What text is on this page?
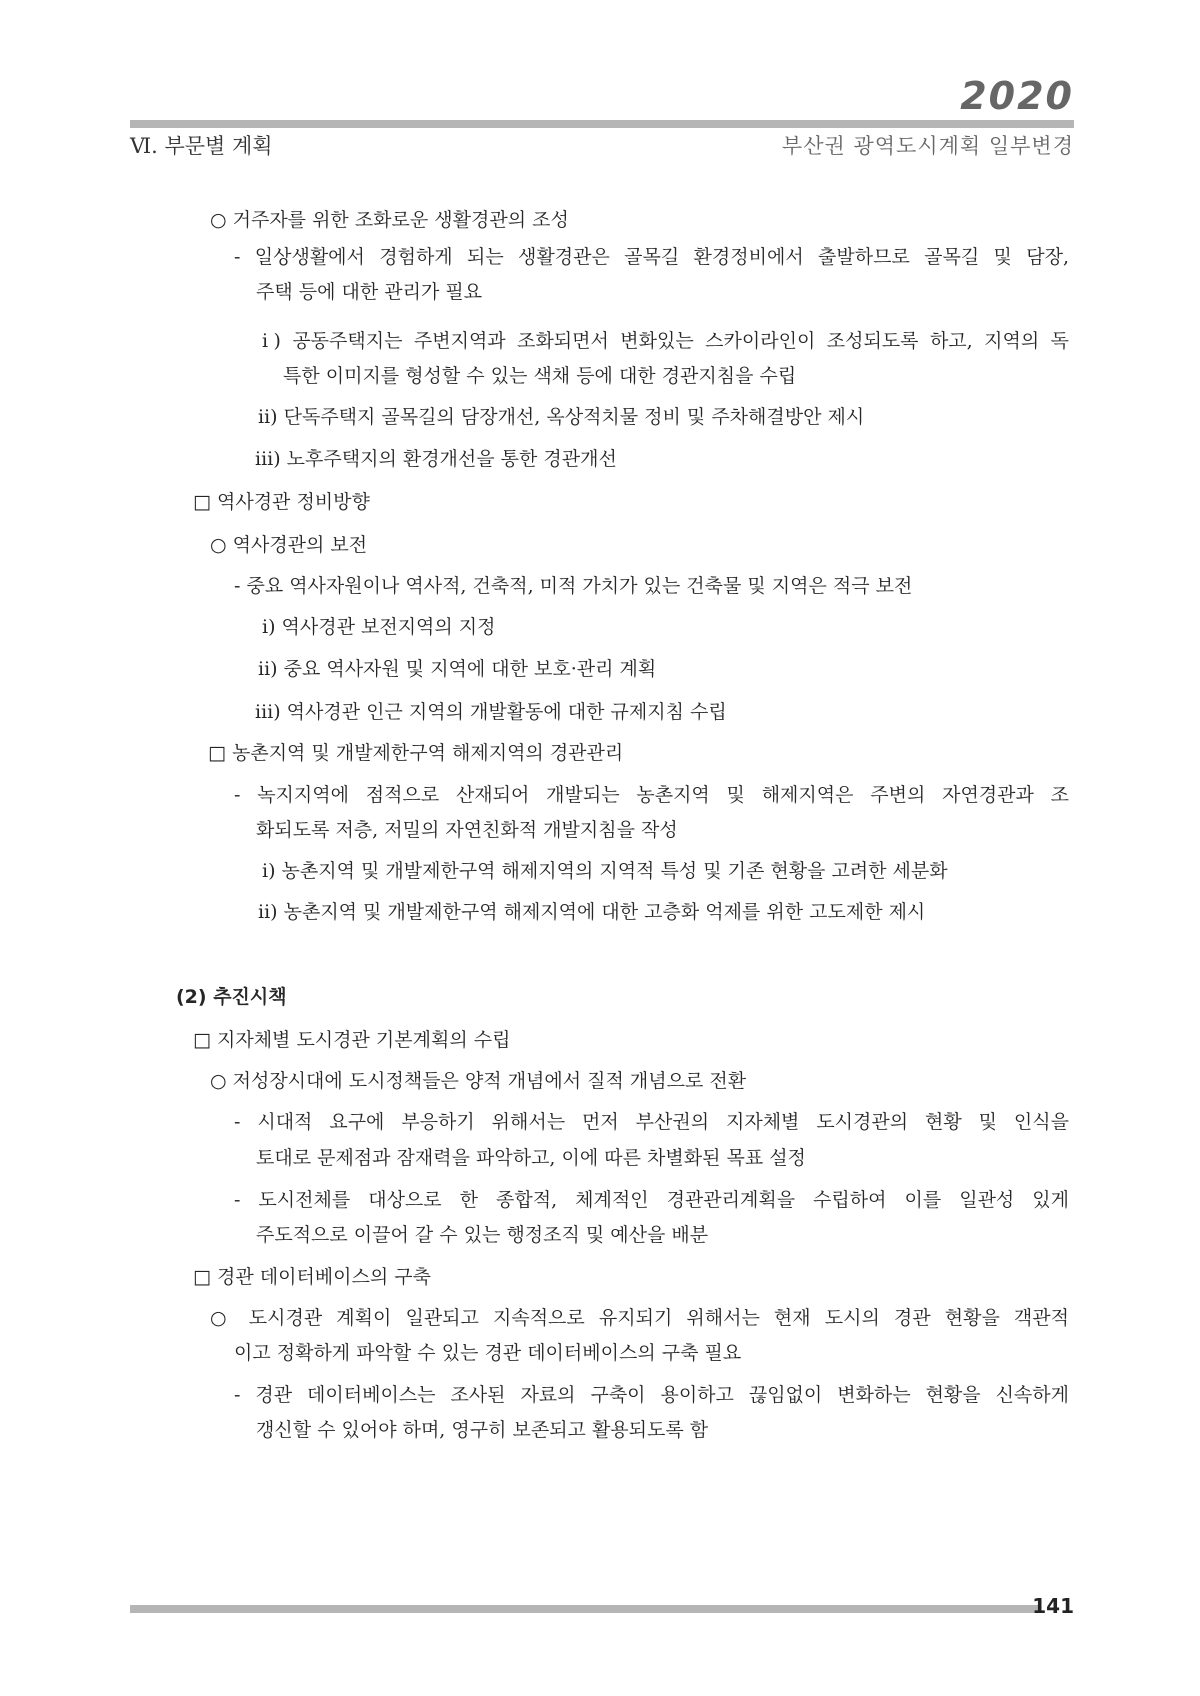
2020
Ⅵ. 부문별 계획	부산권 광역도시계획 일부변경
○ 거주자를 위한 조화로운 생활경관의 조성
- 일상생활에서 경험하게 되는 생활경관은 골목길 환경정비에서 출발하므로 골목길 및 담장,
주택 등에 대한 관리가 필요
ⅰ) 공동주택지는 주변지역과 조화되면서 변화있는 스카이라인이 조성되도록 하고, 지역의 독
특한 이미지를 형성할 수 있는 색채 등에 대한 경관지침을 수립
ⅱ) 단독주택지 골목길의 담장개선, 옥상적치물 정비 및 주차해결방안 제시
ⅲ) 노후주택지의 환경개선을 통한 경관개선
□ 역사경관 정비방향
○ 역사경관의 보전
- 중요 역사자원이나 역사적, 건축적, 미적 가치가 있는 건축물 및 지역은 적극 보전
ⅰ) 역사경관 보전지역의 지정
ⅱ) 중요 역사자원 및 지역에 대한 보호·관리 계획
ⅲ) 역사경관 인근 지역의 개발활동에 대한 규제지침 수립
□ 농촌지역 및 개발제한구역 해제지역의 경관관리
- 녹지지역에 점적으로 산재되어 개발되는 농촌지역 및 해제지역은 주변의 자연경관과 조
화되도록 저층, 저밀의 자연친화적 개발지침을 작성
ⅰ) 농촌지역 및 개발제한구역 해제지역의 지역적 특성 및 기존 현황을 고려한 세분화
ⅱ) 농촌지역 및 개발제한구역 해제지역에 대한 고층화 억제를 위한 고도제한 제시
(2) 추진시책
□ 지자체별 도시경관 기본계획의 수립
○ 저성장시대에 도시정책들은 양적 개념에서 질적 개념으로 전환
- 시대적 요구에 부응하기 위해서는 먼저 부산권의 지자체별 도시경관의 현황 및 인식을
토대로 문제점과 잠재력을 파악하고, 이에 따른 차별화된 목표 설정
- 도시전체를 대상으로 한 종합적, 체계적인 경관관리계획을 수립하여 이를 일관성 있게
주도적으로 이끌어 갈 수 있는 행정조직 및 예산을 배분
□ 경관 데이터베이스의 구축
○ 도시경관 계획이 일관되고 지속적으로 유지되기 위해서는 현재 도시의 경관 현황을 객관적
이고 정확하게 파악할 수 있는 경관 데이터베이스의 구축 필요
- 경관 데이터베이스는 조사된 자료의 구축이 용이하고 끊임없이 변화하는 현황을 신속하게
갱신할 수 있어야 하며, 영구히 보존되고 활용되도록 함
141
